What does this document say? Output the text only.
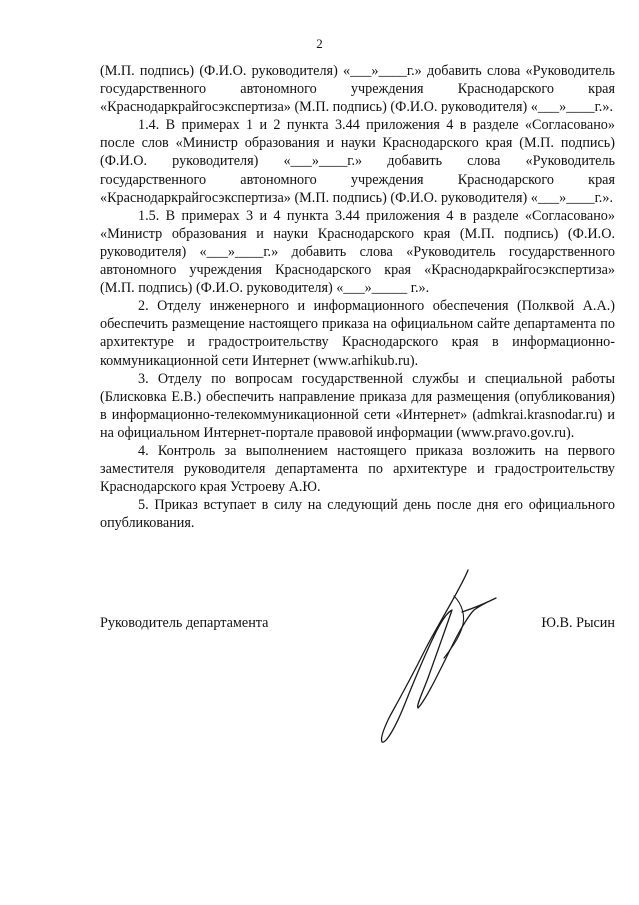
2

(М.П. подпись) (Ф.И.О. руководителя) «___»____г.» добавить слова «Руководитель государственного автономного учреждения Краснодарского края «Краснодаркрайгосэкспертиза» (М.П. подпись) (Ф.И.О. руководителя) «___»____г.».

1.4. В примерах 1 и 2 пункта 3.44 приложения 4 в разделе «Согласовано» после слов «Министр образования и науки Краснодарского края (М.П. подпись) (Ф.И.О. руководителя) «___»____г.» добавить слова «Руководитель государственного автономного учреждения Краснодарского края «Краснодаркрайгосэкспертиза» (М.П. подпись) (Ф.И.О. руководителя) «___»____г.».

1.5. В примерах 3 и 4 пункта 3.44 приложения 4 в разделе «Согласовано» «Министр образования и науки Краснодарского края (М.П. подпись) (Ф.И.О. руководителя) «___»____г.» добавить слова «Руководитель государственного автономного учреждения Краснодарского края «Краснодаркрайгосэкспертиза» (М.П. подпись) (Ф.И.О. руководителя) «___»_____ г.».

2. Отделу инженерного и информационного обеспечения (Полквой А.А.) обеспечить размещение настоящего приказа на официальном сайте департамента по архитектуре и градостроительству Краснодарского края в информационно-коммуникационной сети Интернет (www.arhikub.ru).

3. Отделу по вопросам государственной службы и специальной работы (Блисковка Е.В.) обеспечить направление приказа для размещения (опубликования) в информационно-телекоммуникационной сети «Интернет» (admkrai.krasnodar.ru) и на официальном Интернет-портале правовой информации (www.pravo.gov.ru).

4. Контроль за выполнением настоящего приказа возложить на первого заместителя руководителя департамента по архитектуре и градостроительству Краснодарского края Устроеву А.Ю.

5. Приказ вступает в силу на следующий день после дня его официального опубликования.

Руководитель департамента	Ю.В. Рысин
